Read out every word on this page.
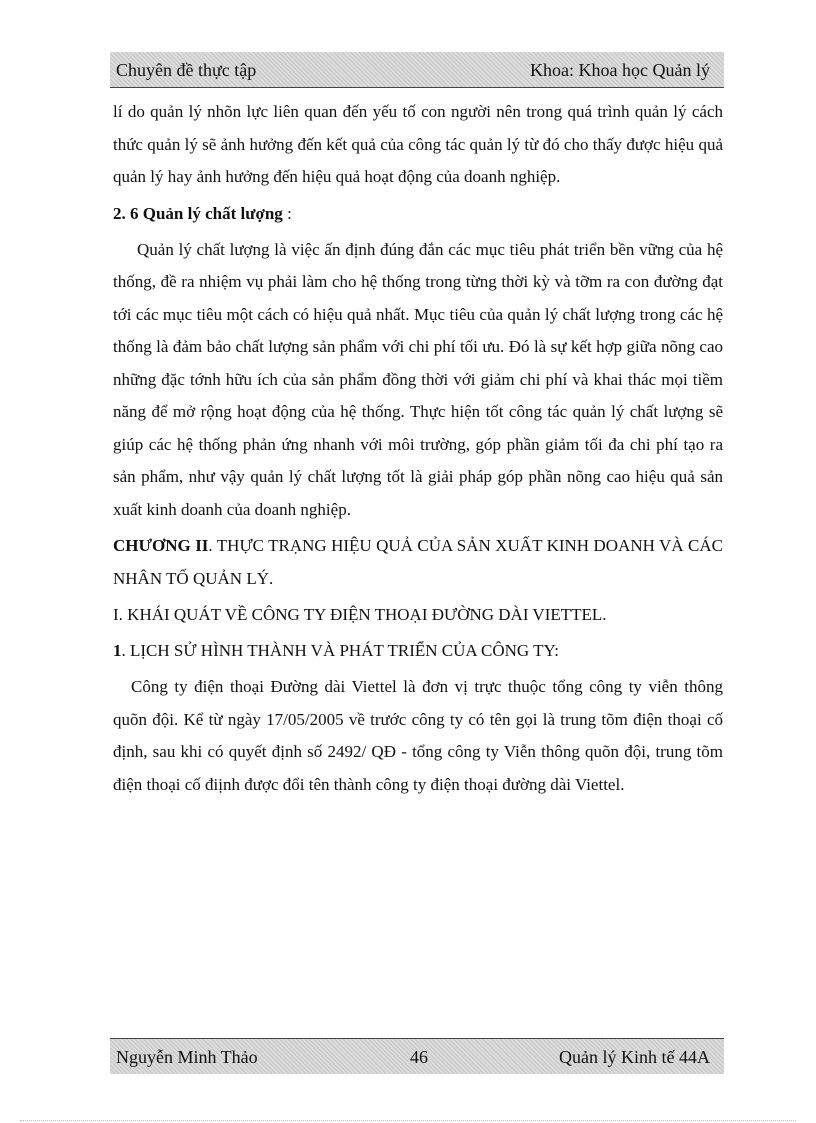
Chuyên đề thực tập	Khoa: Khoa học Quản lý

lí do quản lý nhõn lực liên quan đến yếu tố con người nên trong quá trình quản lý cách thức quản lý sẽ ảnh hưởng đến kết quả của công tác quản lý từ đó cho thấy được hiệu quả quản lý hay ảnh hưởng đến hiệu quả hoạt động của doanh nghiệp.

2. 6 Quản lý chất lượng :

Quản lý chất lượng là việc ấn định đúng đắn các mục tiêu phát triển bền vững của hệ thống, đề ra nhiệm vụ phải làm cho hệ thống trong từng thời kỳ và tỡm ra con đường đạt tới các mục tiêu một cách có hiệu quả nhất. Mục tiêu của quản lý chất lượng trong các hệ thống là đảm bảo chất lượng sản phẩm với chi phí tối ưu. Đó là sự kết hợp giữa nõng cao những đặc tớnh hữu ích của sản phẩm đồng thời với giảm chi phí và khai thác mọi tiềm năng để mở rộng hoạt động của hệ thống. Thực hiện tốt công tác quản lý chất lượng sẽ giúp các hệ thống phản ứng nhanh với môi trường, góp phần giảm tối đa chi phí tạo ra sản phẩm, như vậy quản lý chất lượng tốt là giải pháp góp phần nõng cao hiệu quả sản xuất kinh doanh của doanh nghiệp.

CHƯƠNG II. THỰC TRẠNG HIỆU QUẢ CỦA SẢN XUẤT KINH DOANH VÀ CÁC NHÂN TỐ QUẢN LÝ.

I. KHÁI QUÁT VỀ CÔNG TY ĐIỆN THOẠI ĐƯỜNG DÀI VIETTEL.

1. LỊCH SỬ HÌNH THÀNH VÀ PHÁT TRIỂN CỦA CÔNG TY:

Công ty điện thoại Đường dài Viettel là đơn vị trực thuộc tổng công ty viễn thông quõn đội. Kể từ ngày 17/05/2005 về trước công ty có tên gọi là trung tõm điện thoại cố định, sau khi có quyết định số 2492/ QĐ - tổng công ty Viễn thông quõn đội, trung tõm điện thoại cố điịnh được đổi tên thành công ty điện thoại đường dài Viettel.

Nguyễn Minh Thảo	46	Quản lý Kinh tế 44A
